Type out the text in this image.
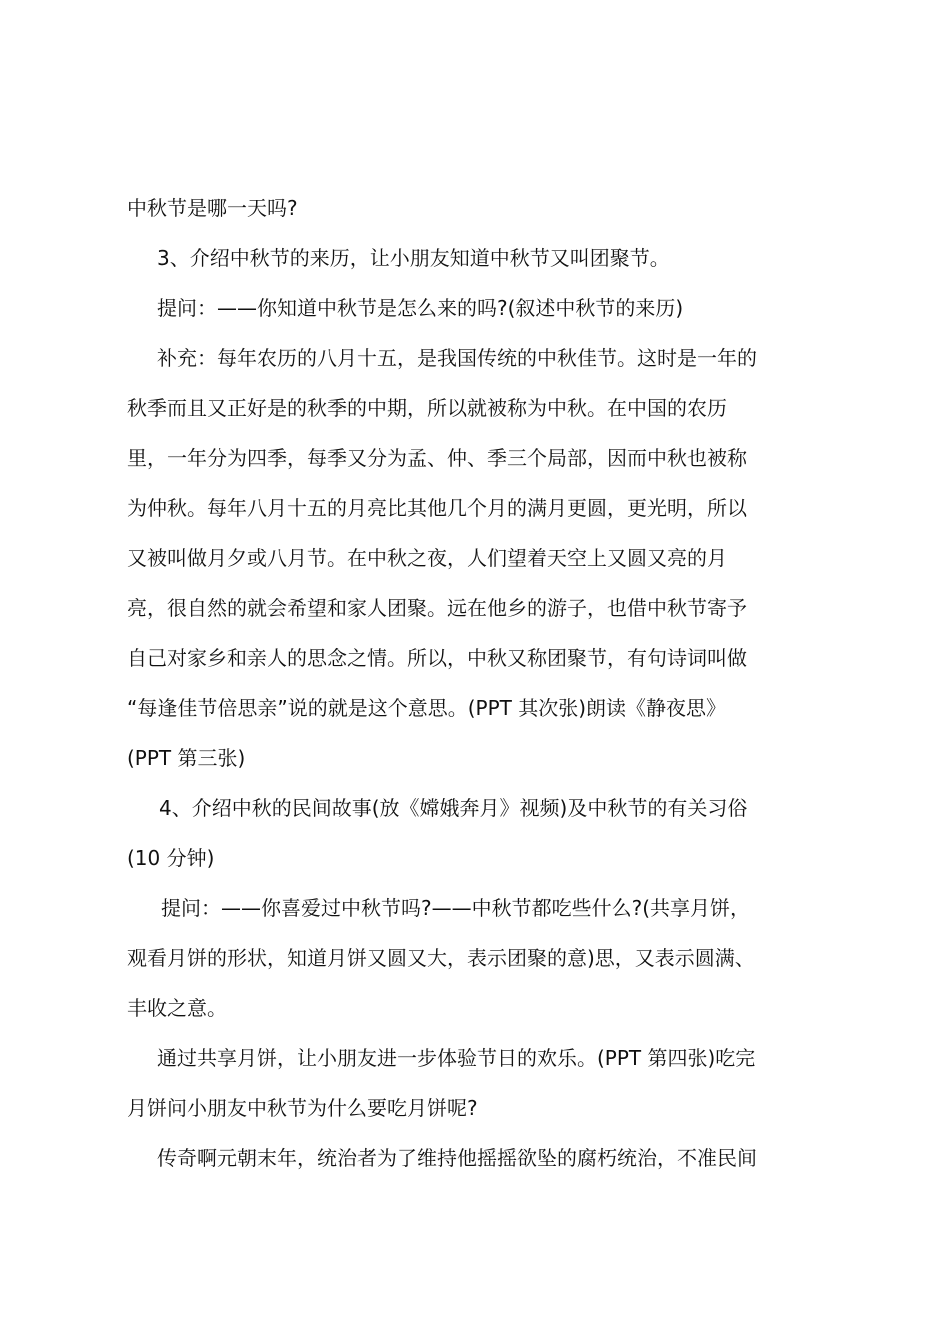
中秋节是哪一天吗?
3、介绍中秋节的来历，让小朋友知道中秋节又叫团聚节。
提问：——你知道中秋节是怎么来的吗?(叙述中秋节的来历)
补充：每年农历的八月十五，是我国传统的中秋佳节。这时是一年的
秋季而且又正好是的秋季的中期，所以就被称为中秋。在中国的农历
里，一年分为四季，每季又分为孟、仲、季三个局部，因而中秋也被称
为仲秋。每年八月十五的月亮比其他几个月的满月更圆，更光明，所以
又被叫做月夕或八月节。在中秋之夜，人们望着天空上又圆又亮的月
亮，很自然的就会希望和家人团聚。远在他乡的游子，也借中秋节寄予
自己对家乡和亲人的思念之情。所以，中秋又称团聚节，有句诗词叫做
“每逢佳节倍思亲”说的就是这个意思。(PPT 其次张)朗读《静夜思》
(PPT 第三张)
4、介绍中秋的民间故事(放《嫦娥奔月》视频)及中秋节的有关习俗
(10 分钟)
提问：——你喜爱过中秋节吗?——中秋节都吃些什么?(共享月饼，
观看月饼的形状，知道月饼又圆又大，表示团聚的意)思，又表示圆满、
丰收之意。
通过共享月饼，让小朋友进一步体验节日的欢乐。(PPT 第四张)吃完
月饼问小朋友中秋节为什么要吃月饼呢?
传奇啊元朝末年，统治者为了维持他摇摇欲坠的腐朽统治，不准民间
